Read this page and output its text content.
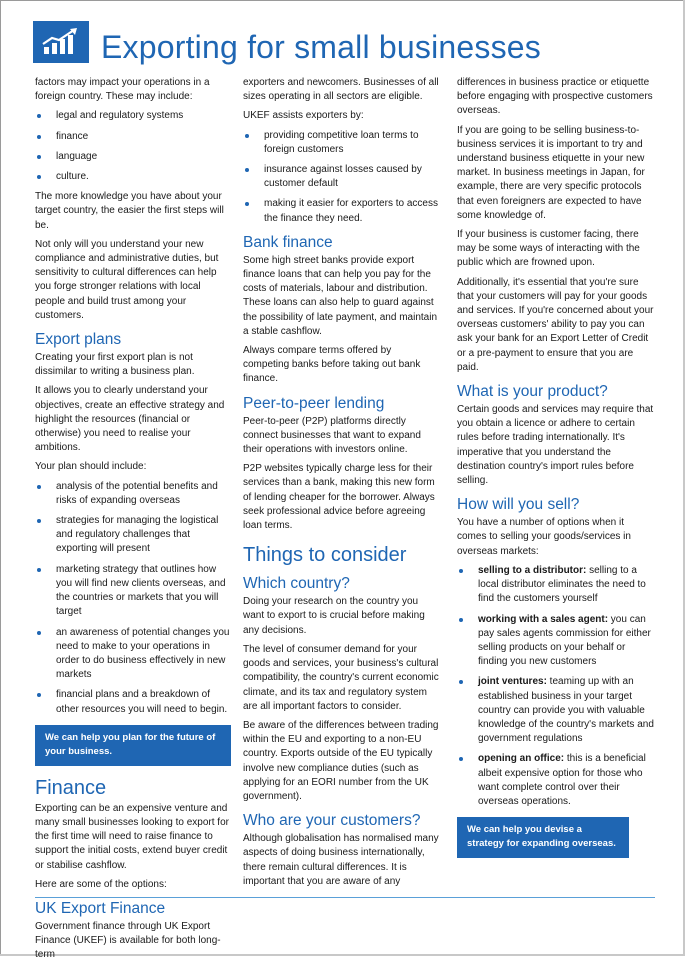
Exporting for small businesses

factors may impact your operations in a foreign country. These may include:

legal and regulatory systems
finance
language
culture.

The more knowledge you have about your target country, the easier the first steps will be.

Not only will you understand your new compliance and administrative duties, but sensitivity to cultural differences can help you forge stronger relations with local people and build trust among your customers.

Export plans

Creating your first export plan is not dissimilar to writing a business plan.

It allows you to clearly understand your objectives, create an effective strategy and highlight the resources (financial or otherwise) you need to realise your ambitions.

Your plan should include:

analysis of the potential benefits and risks of expanding overseas
strategies for managing the logistical and regulatory challenges that exporting will present
marketing strategy that outlines how you will find new clients overseas, and the countries or markets that you will target
an awareness of potential changes you need to make to your operations in order to do business effectively in new markets
financial plans and a breakdown of other resources you will need to begin.
We can help you plan for the future of your business.
Finance

Exporting can be an expensive venture and many small businesses looking to export for the first time will need to raise finance to support the initial costs, extend buyer credit or stabilise cashflow.

Here are some of the options:

UK Export Finance

Government finance through UK Export Finance (UKEF) is available for both long-term

exporters and newcomers. Businesses of all sizes operating in all sectors are eligible.

UKEF assists exporters by:

providing competitive loan terms to foreign customers
insurance against losses caused by customer default
making it easier for exporters to access the finance they need.
Bank finance

Some high street banks provide export finance loans that can help you pay for the costs of materials, labour and distribution. These loans can also help to guard against the possibility of late payment, and maintain a stable cashflow.

Always compare terms offered by competing banks before taking out bank finance.

Peer-to-peer lending

Peer-to-peer (P2P) platforms directly connect businesses that want to expand their operations with investors online.

P2P websites typically charge less for their services than a bank, making this new form of lending cheaper for the borrower. Always seek professional advice before agreeing loan terms.

Things to consider
Which country?

Doing your research on the country you want to export to is crucial before making any decisions.

The level of consumer demand for your goods and services, your business's cultural compatibility, the country's current economic climate, and its tax and regulatory system are all important factors to consider.

Be aware of the differences between trading within the EU and exporting to a non-EU country. Exports outside of the EU typically involve new compliance duties (such as applying for an EORI number from the UK government).

Who are your customers?

Although globalisation has normalised many aspects of doing business internationally, there remain cultural differences. It is important that you are aware of any

differences in business practice or etiquette before engaging with prospective customers overseas.

If you are going to be selling business-to-business services it is important to try and understand business etiquette in your new market. In business meetings in Japan, for example, there are very specific protocols that even foreigners are expected to have some knowledge of.

If your business is customer facing, there may be some ways of interacting with the public which are frowned upon.

Additionally, it's essential that you're sure that your customers will pay for your goods and services. If you're concerned about your overseas customers' ability to pay you can ask your bank for an Export Letter of Credit or a pre-payment to ensure that you are paid.

What is your product?

Certain goods and services may require that you obtain a licence or adhere to certain rules before trading internationally. It's imperative that you understand the destination country's import rules before selling.

How will you sell?

You have a number of options when it comes to selling your goods/services in overseas markets:

selling to a distributor: selling to a local distributor eliminates the need to find the customers yourself
working with a sales agent: you can pay sales agents commission for either selling products on your behalf or finding you new customers
joint ventures: teaming up with an established business in your target country can provide you with valuable knowledge of the country's markets and government regulations
opening an office: this is a beneficial albeit expensive option for those who want complete control over their overseas operations.
We can help you devise a strategy for expanding overseas.
